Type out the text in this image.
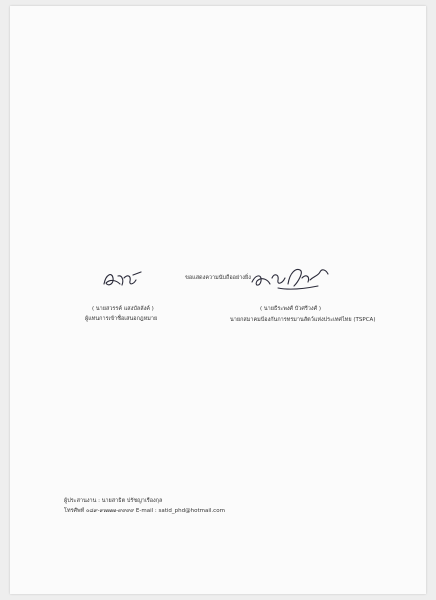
ขอแสดงความนับถืออย่างยิ่ง
( นายสวรรค์ แสงบัลลังค์ )
ผู้แทนการเข้าชื่อเสนอกฎหมาย
( นายธีระพงศ์ บัวศรีวงศ์ )
นายกสมาคมป้องกันการทรมานสัตว์แห่งประเทศไทย (TSPCA)
ผู้ประสานงาน : นายสาธิต ปรัชญาเรืองกุล
โทรศัพท์ ๐๘๙-๙๗๗๗-๙๙๙๙ E-mail : satid_phd@hotmail.com
